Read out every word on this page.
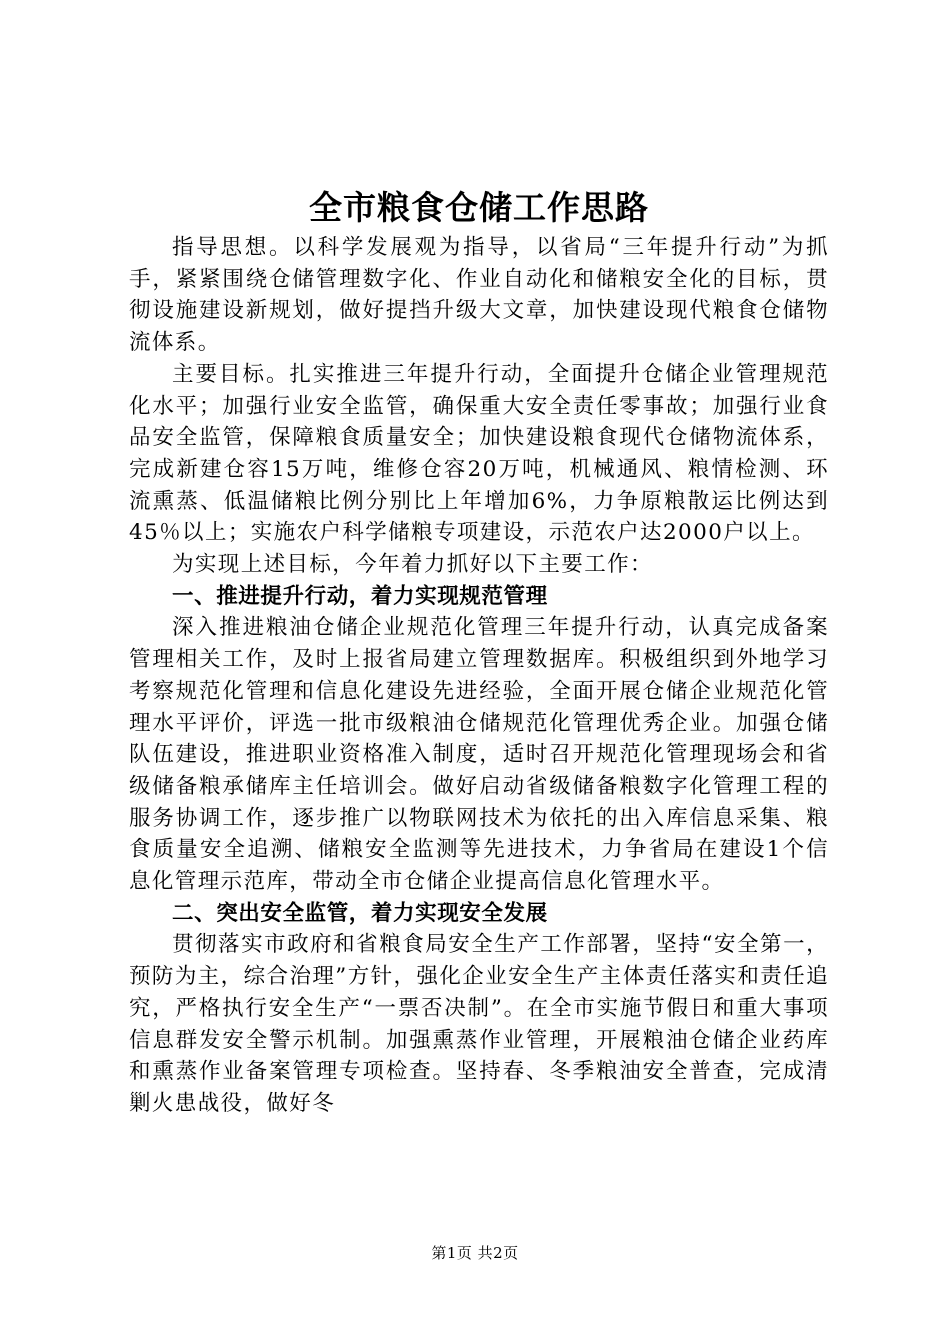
全市粮食仓储工作思路

指导思想。以科学发展观为指导，以省局“三年提升行动”为抓手，紧紧围绕仓储管理数字化、作业自动化和储粮安全化的目标，贯彻设施建设新规划，做好提挡升级大文章，加快建设现代粮食仓储物流体系。

主要目标。扎实推进三年提升行动，全面提升仓储企业管理规范化水平；加强行业安全监管，确保重大安全责任零事故；加强行业食品安全监管，保障粮食质量安全；加快建设粮食现代仓储物流体系，完成新建仓容15万吨，维修仓容20万吨，机械通风、粮情检测、环流熏蒸、低温储粮比例分别比上年增加6%，力争原粮散运比例达到45％以上；实施农户科学储粮专项建设，示范农户达2000户以上。

为实现上述目标，今年着力抓好以下主要工作：

一、推进提升行动，着力实现规范管理

深入推进粮油仓储企业规范化管理三年提升行动，认真完成备案管理相关工作，及时上报省局建立管理数据库。积极组织到外地学习考察规范化管理和信息化建设先进经验，全面开展仓储企业规范化管理水平评价，评选一批市级粮油仓储规范化管理优秀企业。加强仓储队伍建设，推进职业资格准入制度，适时召开规范化管理现场会和省级储备粮承储库主任培训会。做好启动省级储备粮数字化管理工程的服务协调工作，逐步推广以物联网技术为依托的出入库信息采集、粮食质量安全追溯、储粮安全监测等先进技术，力争省局在建设1个信息化管理示范库，带动全市仓储企业提高信息化管理水平。

二、突出安全监管，着力实现安全发展

贯彻落实市政府和省粮食局安全生产工作部署，坚持“安全第一，预防为主，综合治理”方针，强化企业安全生产主体责任落实和责任追究，严格执行安全生产“一票否决制”。在全市实施节假日和重大事项信息群发安全警示机制。加强熏蒸作业管理，开展粮油仓储企业药库和熏蒸作业备案管理专项检查。坚持春、冬季粮油安全普查，完成清剿火患战役，做好冬

第1页 共2页
